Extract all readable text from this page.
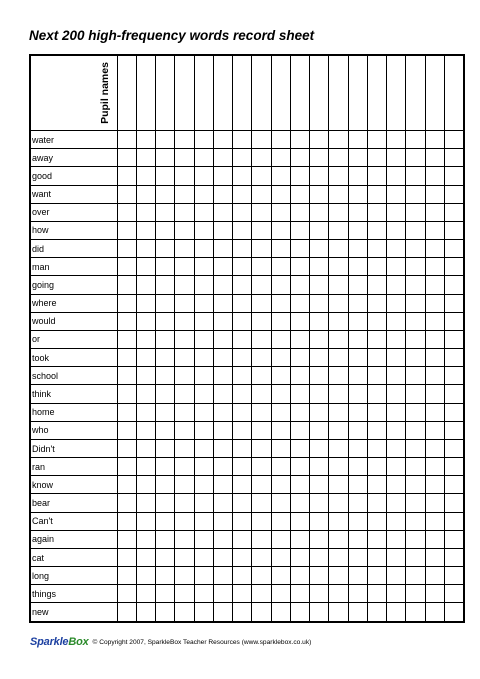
Next 200 high-frequency words record sheet
Pupil names																		

water																		
away																		
good																		
want																		
over																		
how																		
did																		
man																		
going																		
where																		
would																		
or																		
took																		
school																		
think																		
home																		
who																		
Didn't																		
ran																		
know																		
bear																		
Can't																		
again																		
cat																		
long																		
things																		
new																		
SparkleBox © Copyright 2007, SparkleBox Teacher Resources (www.sparklebox.co.uk)
